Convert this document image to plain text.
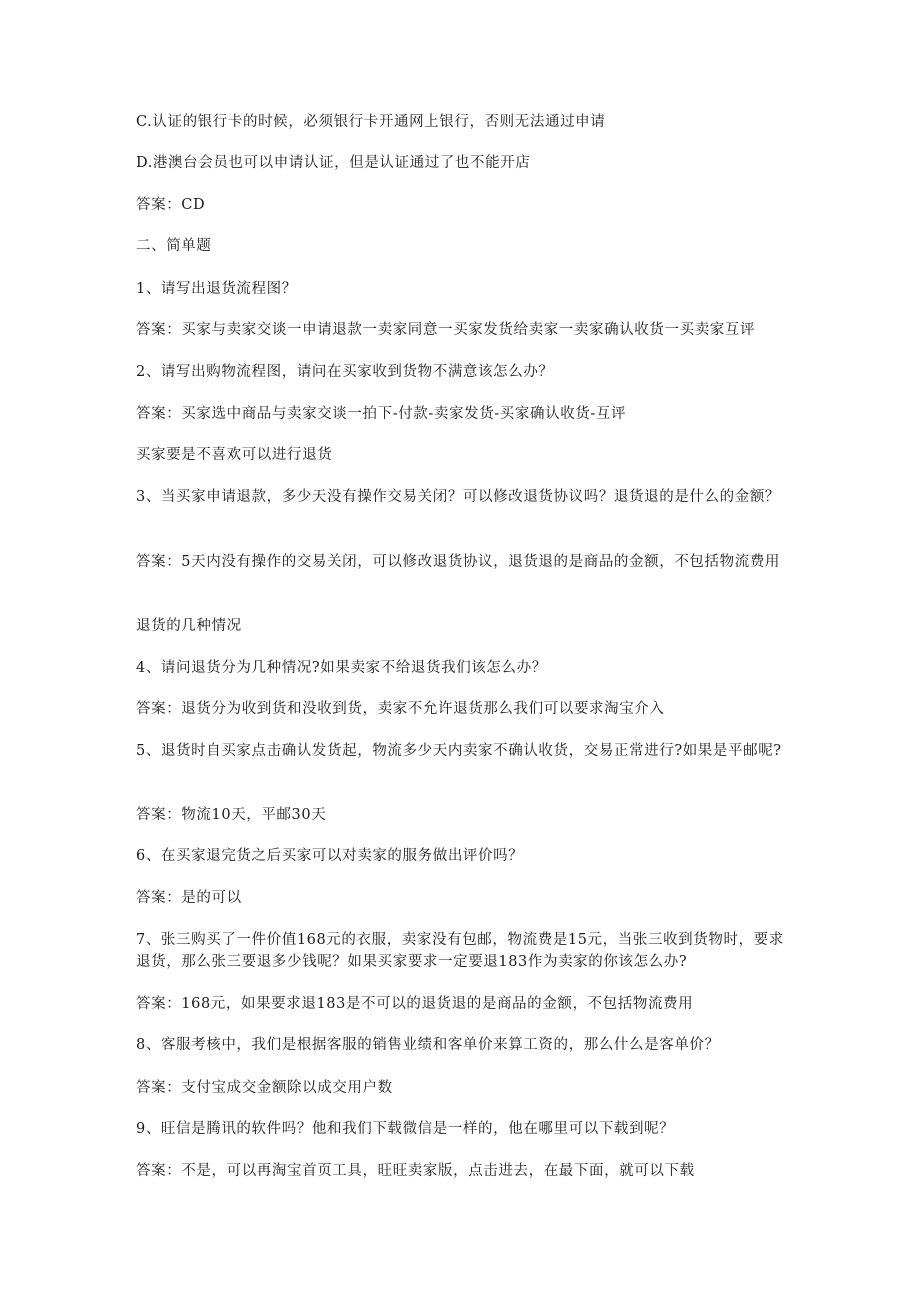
C.认证的银行卡的时候，必须银行卡开通网上银行，否则无法通过申请
D.港澳台会员也可以申请认证，但是认证通过了也不能开店
答案：CD
二、简单题
1、请写出退货流程图？
答案：买家与卖家交谈一申请退款一卖家同意一买家发货给卖家一卖家确认收货一买卖家互评
2、请写出购物流程图，请问在买家收到货物不满意该怎么办？
答案：买家选中商品与卖家交谈一拍下-付款-卖家发货-买家确认收货-互评
买家要是不喜欢可以进行退货
3、当买家申请退款，多少天没有操作交易关闭？可以修改退货协议吗？退货退的是什么的金额？
答案：5天内没有操作的交易关闭，可以修改退货协议，退货退的是商品的金额，不包括物流费用
退货的几种情况
4、请问退货分为几种情况?如果卖家不给退货我们该怎么办？
答案：退货分为收到货和没收到货，卖家不允许退货那么我们可以要求淘宝介入
5、退货时自买家点击确认发货起，物流多少天内卖家不确认收货，交易正常进行?如果是平邮呢?
答案：物流10天，平邮30天
6、在买家退完货之后买家可以对卖家的服务做出评价吗？
答案：是的可以
7、张三购买了一件价值168元的衣服，卖家没有包邮，物流费是15元，当张三收到货物时，要求退货，那么张三要退多少钱呢？如果买家要求一定要退183作为卖家的你该怎么办?
答案：168元，如果要求退183是不可以的退货退的是商品的金额，不包括物流费用
8、客服考核中，我们是根据客服的销售业绩和客单价来算工资的，那么什么是客单价？
答案：支付宝成交金额除以成交用户数
9、旺信是腾讯的软件吗？他和我们下载微信是一样的，他在哪里可以下载到呢？
答案：不是，可以再淘宝首页工具，旺旺卖家版，点击进去，在最下面，就可以下载
